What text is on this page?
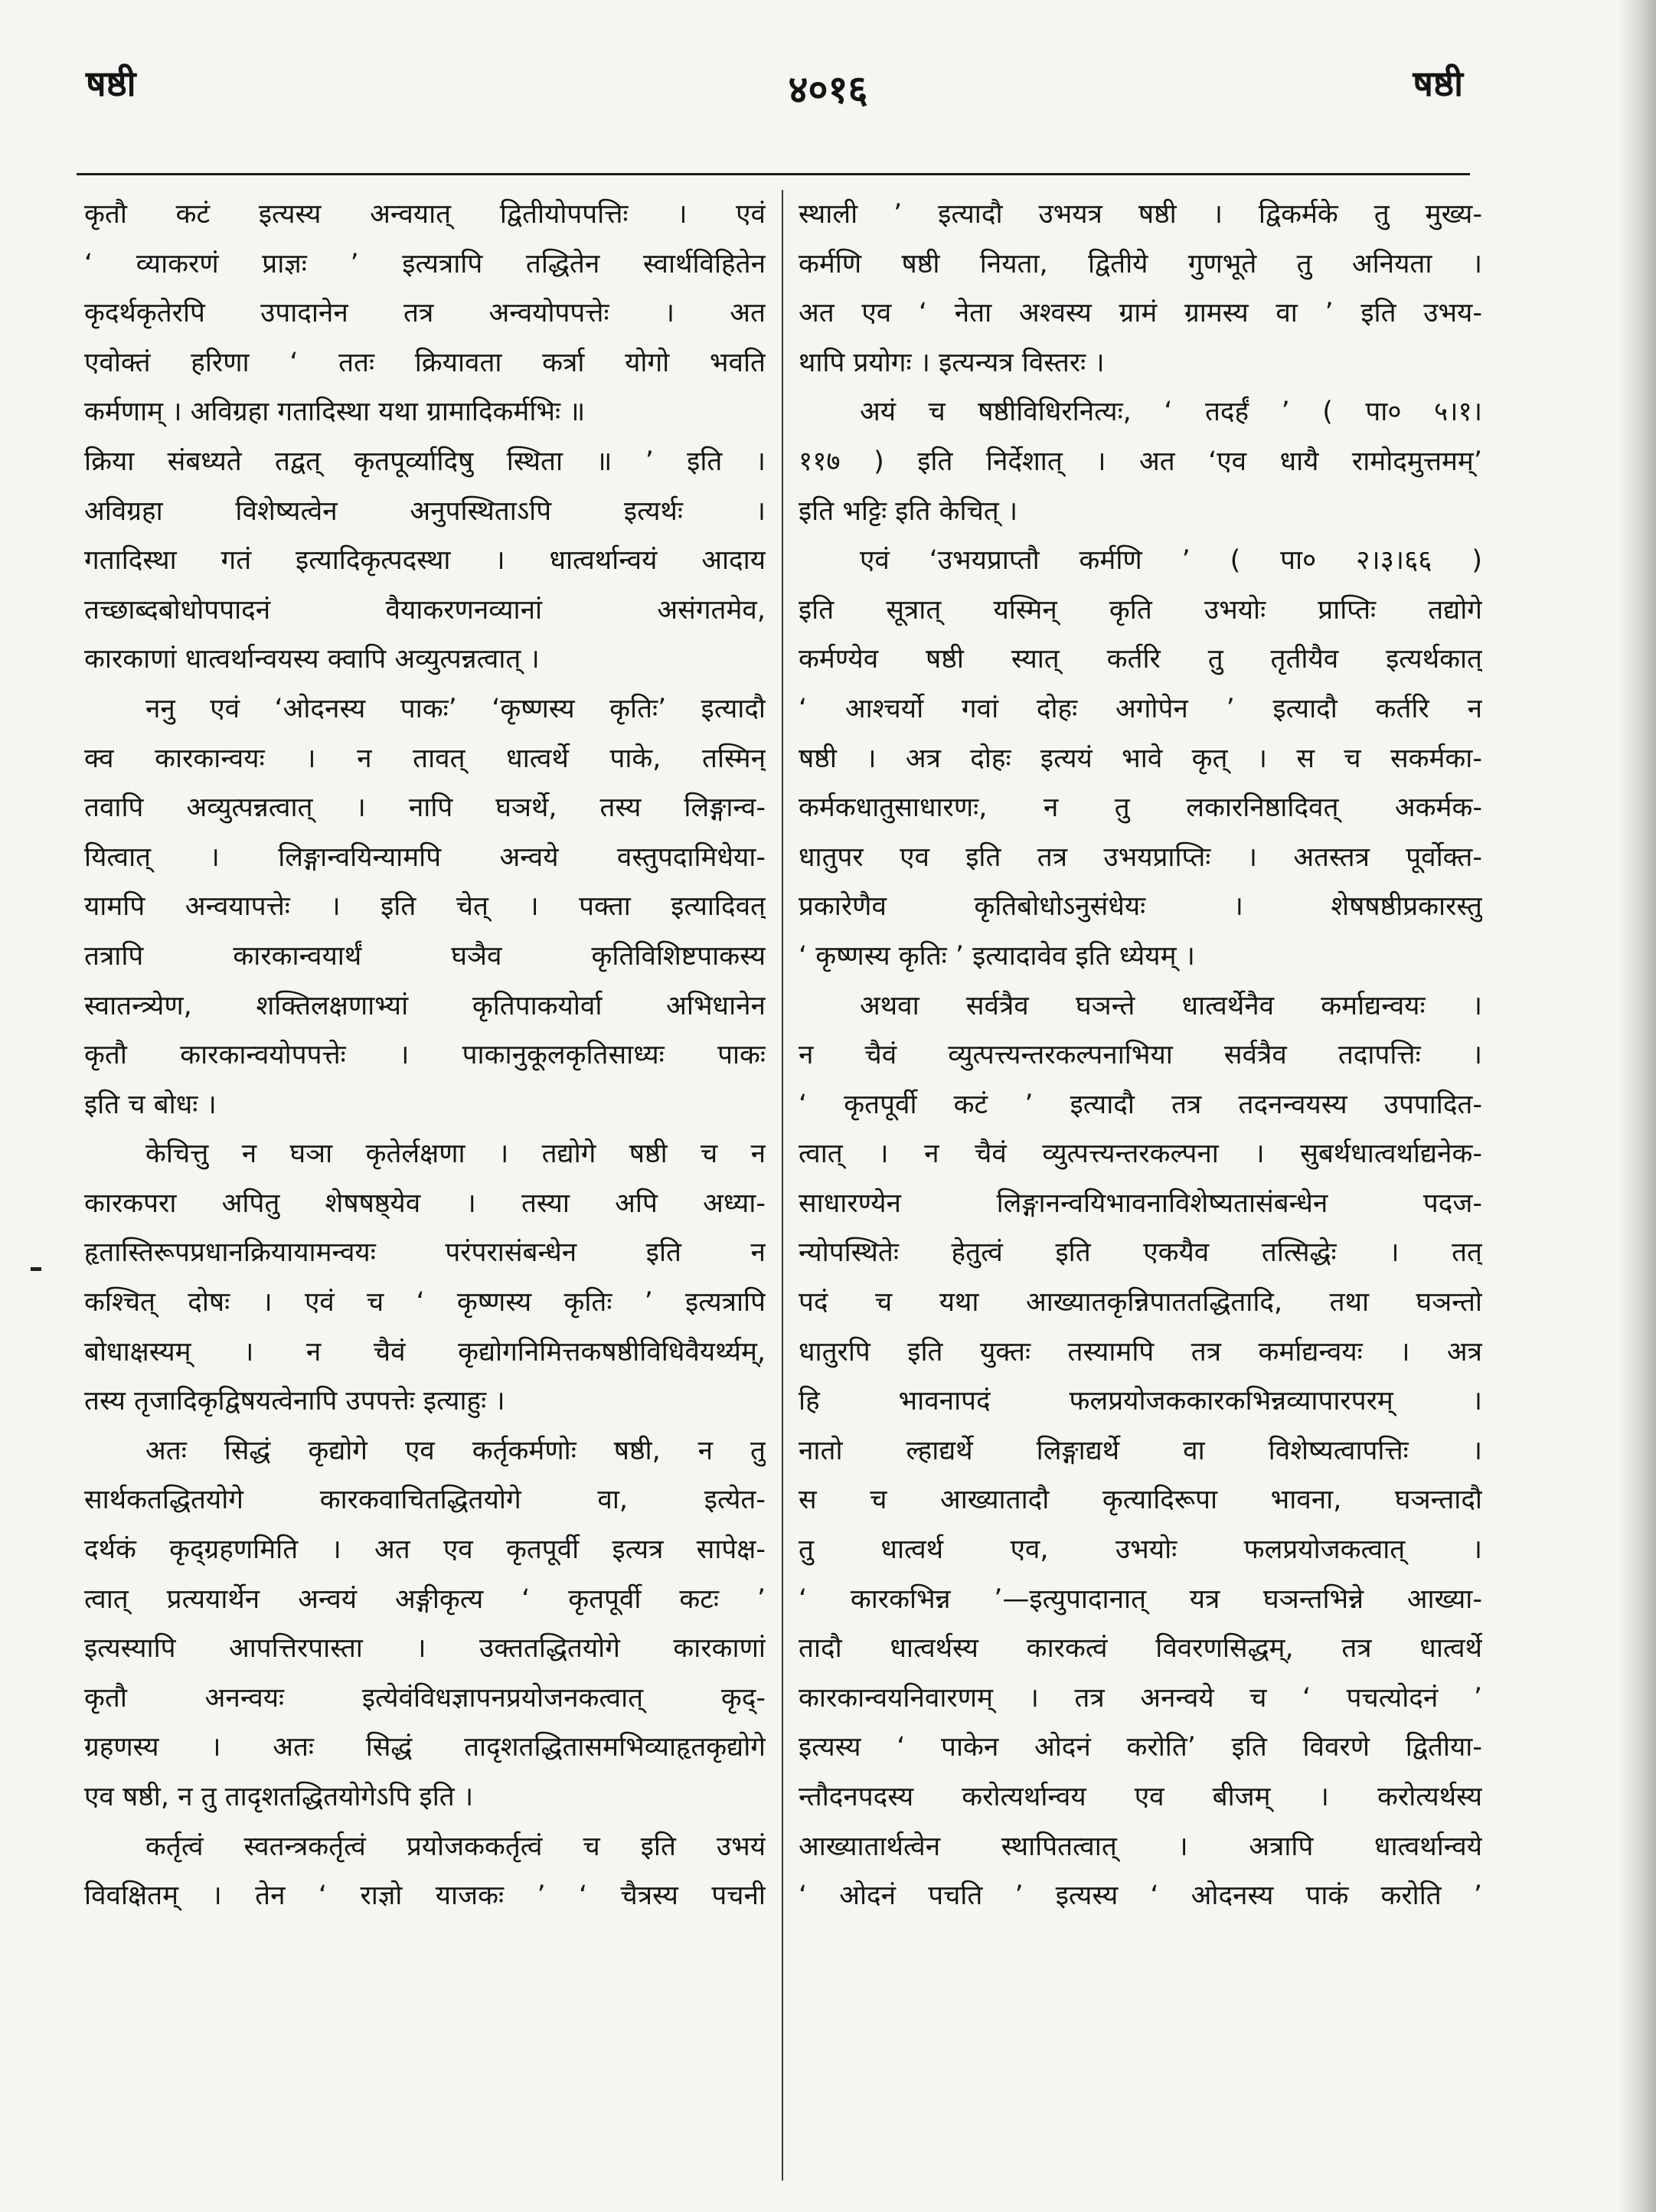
षष्ठी	४०१६	षष्ठी
कृतौ कटं इत्यस्य अन्वयात् द्वितीयोपपत्तिः । एवं
‘ व्याकरणं प्राज्ञः ’ इत्यत्रापि तद्धितेन स्वार्थविहितेन
कृदर्थकृतेरपि उपादानेन तत्र अन्वयोपपत्तेः । अत
एवोक्तं हरिणा ‘ ततः क्रियावता कर्त्रा योगो भवति
कर्मणाम् । अविग्रहा गतादिस्था यथा ग्रामादिकर्मभिः ॥
क्रिया संबध्यते तद्वत् कृतपूर्व्यादिषु स्थिता ॥ ’ इति ।
अविग्रहा विशेष्यत्वेन अनुपस्थिताऽपि इत्यर्थः ।
गतादिस्था गतं इत्यादिकृत्पदस्था । धात्वर्थान्वयं आदाय
तच्छाब्दबोधोपपादनं वैयाकरणनव्यानां असंगतमेव,
कारकाणां धात्वर्थान्वयस्य क्वापि अव्युत्पन्नत्वात् ।
ननु एवं ‘ओदनस्य पाकः’ ‘कृष्णस्य कृतिः’ इत्यादौ
क्व कारकान्वयः । न तावत् धात्वर्थे पाके, तस्मिन्
तवापि अव्युत्पन्नत्वात् । नापि घञर्थे, तस्य लिङ्गान्व-
यित्वात् । लिङ्गान्वयिन्यामपि अन्वये वस्तुपदामिधेया-
यामपि अन्वयापत्तेः । इति चेत् । पक्ता इत्यादिवत्
तत्रापि कारकान्वयार्थं घञैव कृतिविशिष्टपाकस्य
स्वातन्त्र्येण, शक्तिलक्षणाभ्यां कृतिपाकयोर्वा अभिधानेन
कृतौ कारकान्वयोपपत्तेः । पाकानुकूलकृतिसाध्यः पाकः
इति च बोधः ।
केचित्तु न घञा कृतेर्लक्षणा । तद्योगे षष्ठी च न
कारकपरा अपितु शेषषष्ठ्येव । तस्या अपि अध्या-
हृतास्तिरूपप्रधानक्रियायामन्वयः परंपरासंबन्धेन इति न
कश्चित् दोषः । एवं च ‘ कृष्णस्य कृतिः ’ इत्यत्रापि
बोधाक्षस्यम् । न चैवं कृद्योगनिमित्तकषष्ठीविधिवैयर्थ्यम्,
तस्य तृजादिकृद्विषयत्वेनापि उपपत्तेः इत्याहुः ।
अतः सिद्धं कृद्योगे एव कर्तृकर्मणोः षष्ठी, न तु
सार्थकतद्धितयोगे कारकवाचितद्धितयोगे वा, इत्येत-
दर्थकं कृद्ग्रहणमिति । अत एव कृतपूर्वी इत्यत्र सापेक्ष-
त्वात् प्रत्ययार्थेन अन्वयं अङ्गीकृत्य ‘ कृतपूर्वी कटः ’
इत्यस्यापि आपत्तिरपास्ता । उक्ततद्धितयोगे कारकाणां
कृतौ अनन्वयः इत्येवंविधज्ञापनप्रयोजनकत्वात् कृद्-
ग्रहणस्य । अतः सिद्धं तादृशतद्धितासमभिव्याहृतकृद्योगे
एव षष्ठी, न तु तादृशतद्धितयोगेऽपि इति ।
कर्तृत्वं स्वतन्त्रकर्तृत्वं प्रयोजककर्तृत्वं च इति उभयं
विवक्षितम् । तेन ‘ राज्ञो याजकः ’ ‘ चैत्रस्य पचनी
स्थाली ’ इत्यादौ उभयत्र षष्ठी । द्विकर्मके तु मुख्य-
कर्मणि षष्ठी नियता, द्वितीये गुणभूते तु अनियता ।
अत एव ‘ नेता अश्वस्य ग्रामं ग्रामस्य वा ’ इति उभय-
थापि प्रयोगः । इत्यन्यत्र विस्तरः ।
अयं च षष्ठीविधिरनित्यः, ‘ तदर्हं ’ ( पा० ५।१।
११७ ) इति निर्देशात् । अत ‘एव धायै रामोदमुत्तमम्’
इति भट्टिः इति केचित् ।
एवं ‘उभयप्राप्तौ कर्मणि ’ ( पा० २।३।६६ )
इति सूत्रात् यस्मिन् कृति उभयोः प्राप्तिः तद्योगे
कर्मण्येव षष्ठी स्यात् कर्तरि तु तृतीयैव इत्यर्थकात्
‘ आश्चर्यो गवां दोहः अगोपेन ’ इत्यादौ कर्तरि न
षष्ठी । अत्र दोहः इत्ययं भावे कृत् । स च सकर्मका-
कर्मकधातुसाधारणः, न तु लकारनिष्ठादिवत् अकर्मक-
धातुपर एव इति तत्र उभयप्राप्तिः । अतस्तत्र पूर्वोक्त-
प्रकारेणैव कृतिबोधोऽनुसंधेयः । शेषषष्ठीप्रकारस्तु
‘ कृष्णस्य कृतिः ’ इत्यादावेव इति ध्येयम् ।
अथवा सर्वत्रैव घञन्ते धात्वर्थेनैव कर्माद्यन्वयः ।
न चैवं व्युत्पत्त्यन्तरकल्पनाभिया सर्वत्रैव तदापत्तिः ।
‘ कृतपूर्वी कटं ’ इत्यादौ तत्र तदनन्वयस्य उपपादित-
त्वात् । न चैवं व्युत्पत्त्यन्तरकल्पना । सुबर्थधात्वर्थाद्यनेक-
साधारण्येन लिङ्गानन्वयिभावनाविशेष्यतासंबन्धेन पदज-
न्योपस्थितेः हेतुत्वं इति एकयैव तत्सिद्धेः । तत्
पदं च यथा आख्यातकृन्निपाततद्धितादि, तथा घञन्तो
धातुरपि इति युक्तः तस्यामपि तत्र कर्माद्यन्वयः । अत्र
हि भावनापदं फलप्रयोजककारकभिन्नव्यापारपरम् ।
नातो ल्हाद्यर्थे लिङ्गाद्यर्थे वा विशेष्यत्वापत्तिः ।
स च आख्यातादौ कृत्यादिरूपा भावना, घञन्तादौ
तु धात्वर्थ एव, उभयोः फलप्रयोजकत्वात् ।
‘ कारकभिन्न ’—इत्युपादानात् यत्र घञन्तभिन्ने आख्या-
तादौ धात्वर्थस्य कारकत्वं विवरणसिद्धम्, तत्र धात्वर्थे
कारकान्वयनिवारणम् । तत्र अनन्वये च ‘ पचत्योदनं ’
इत्यस्य ‘ पाकेन ओदनं करोति’ इति विवरणे द्वितीया-
न्तौदनपदस्य करोत्यर्थान्वय एव बीजम् । करोत्यर्थस्य
आख्यातार्थत्वेन स्थापितत्वात् । अत्रापि धात्वर्थान्वये
‘ ओदनं पचति ’ इत्यस्य ‘ ओदनस्य पाकं करोति ’
